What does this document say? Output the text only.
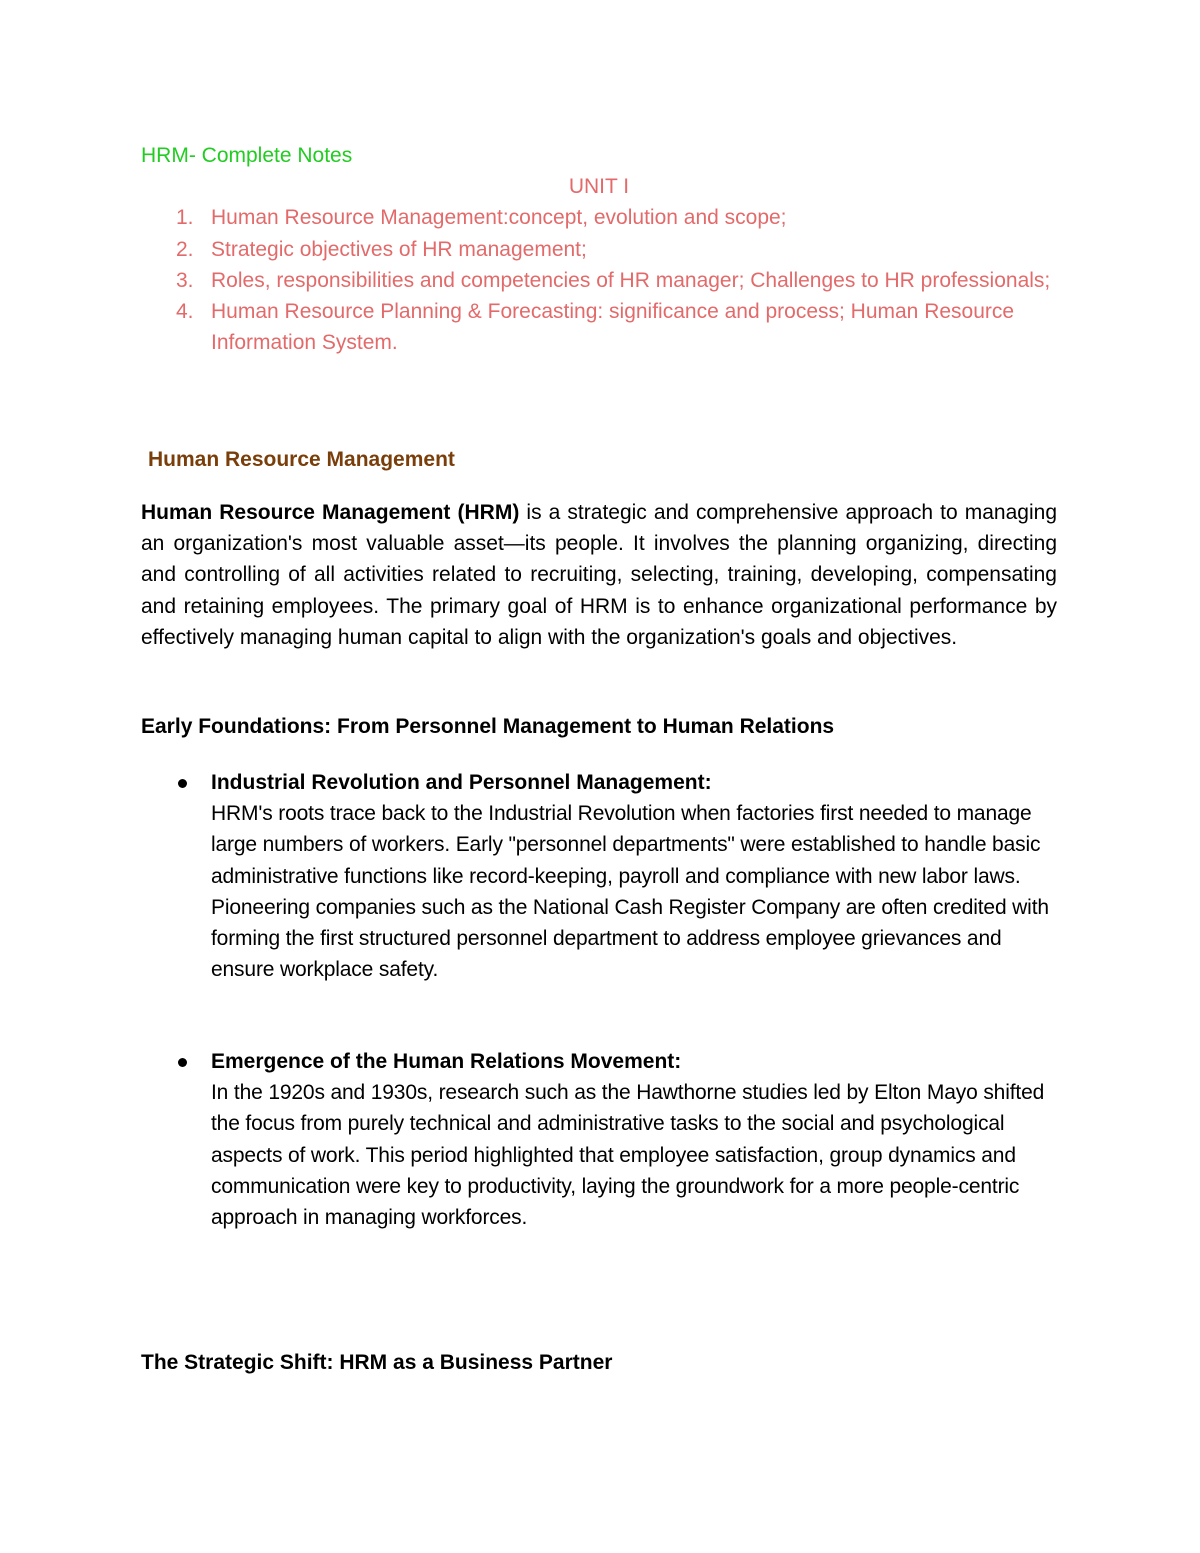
HRM- Complete Notes
UNIT I
1. Human Resource Management:concept, evolution and scope;
2. Strategic objectives of HR management;
3. Roles, responsibilities and competencies of HR manager; Challenges to HR professionals;
4. Human Resource Planning & Forecasting: significance and process; Human Resource Information System.
Human Resource Management

Human Resource Management (HRM) is a strategic and comprehensive approach to managing an organization's most valuable asset—its people. It involves the planning organizing, directing and controlling of all activities related to recruiting, selecting, training, developing, compensating and retaining employees. The primary goal of HRM is to enhance organizational performance by effectively managing human capital to align with the organization's goals and objectives.

Early Foundations: From Personnel Management to Human Relations
Industrial Revolution and Personnel Management:
HRM's roots trace back to the Industrial Revolution when factories first needed to manage large numbers of workers. Early "personnel departments" were established to handle basic administrative functions like record-keeping, payroll and compliance with new labor laws. Pioneering companies such as the National Cash Register Company are often credited with forming the first structured personnel department to address employee grievances and ensure workplace safety.
Emergence of the Human Relations Movement:
In the 1920s and 1930s, research such as the Hawthorne studies led by Elton Mayo shifted the focus from purely technical and administrative tasks to the social and psychological aspects of work. This period highlighted that employee satisfaction, group dynamics and communication were key to productivity, laying the groundwork for a more people-centric approach in managing workforces.
The Strategic Shift: HRM as a Business Partner
